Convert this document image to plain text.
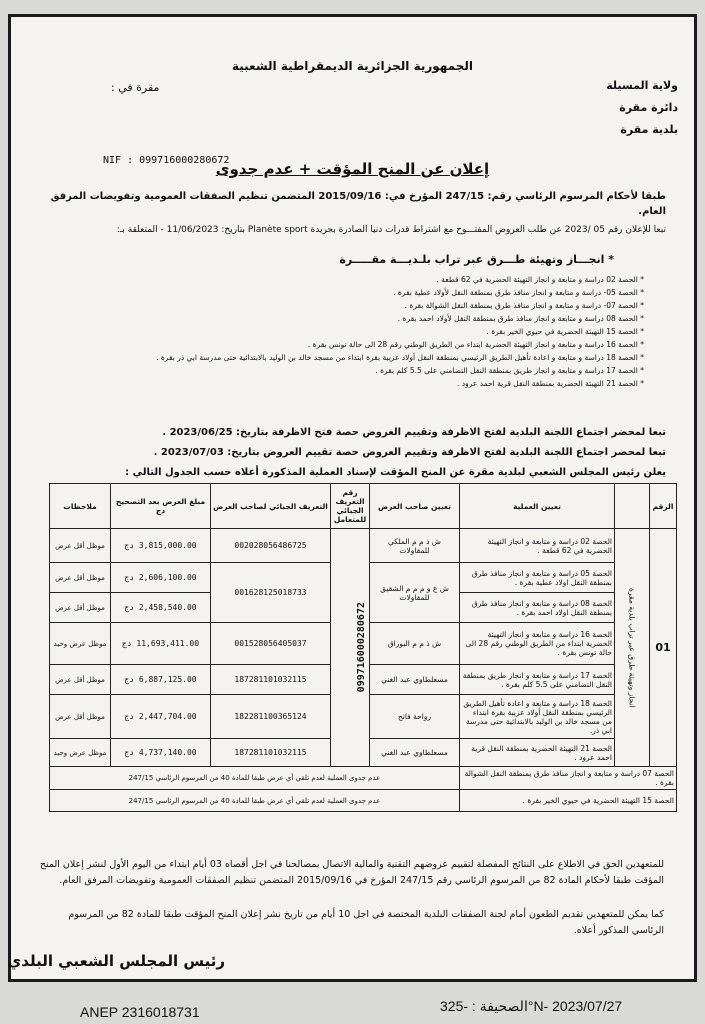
الجمهورية الجزائرية الديمقراطية الشعبية
مقرة في :	ولاية المسيلة
دائرة مقرة
بلدية مقرة
NIF : 099716000280672
إعلان عن المنح المؤقت + عدم جدوى
طبقا لأحكام المرسوم الرئاسي رقم: 247/15 المؤرخ في: 2015/09/16 المتضمن تنظيم الصفقات العمومية وتفويضات المرفق العام.
تبعا للإعلان رقم 05 /2023 عن طلب العروض المفتـــوح مع اشتراط قدرات دنيا الصادرة بجريدة Planète sport بتاريخ: 11/06/2023 - المتعلقة بـ:
* انجـــاز وتهيئة طـــرق عبر تراب بلـديـــة مقـــــرة
* الحصة 02 دراسة و متابعة و انجاز التهيئة الحضرية في 62 قطعة .
* الحصة 05- دراسة و متابعة و انجاز منافذ طرق بمنطقة النقل لأولاد عطية بقرة .
* الحصة 07- دراسة و متابعة و انجاز منافذ طرق بمنطقة النقل الشوالة بقرة .
* الحصة 08 دراسة و متابعة و انجاز منافذ طرق بمنطقة النقل لأولاد احمد بقرة .
* الحصة 15 التهيئة الحضرية في حيوي الخير بقرة .
* الحصة 16 دراسة و متابعة و انجاز التهيئة الحضرية ابتداء من الطريق الوطني رقم 28 الى حالة تونس بقرة .
* الحصة 18 دراسة و متابعة و اعادة تأهيل الطريق الرئيسي بمنطقة النقل أولاد عزيبة بقرة ابتداء من مسجد خالد بن الوليد بالابتدائية حتى مدرسة ابي ذر بقرة .
* الحصة 17 دراسة و متابعة و انجاز طريق بمنطقة النقل التضامني على 5.5 كلم بقرة .
* الحصة 21 التهيئة الحضرية بمنطقة النقل قرية احمد عرود .
تبعا لمحضر اجتماع اللجنة البلدية لفتح الاظرفة وتقييم العروض حصة فتح الاظرفة بتاريخ: 2023/06/25 .
تبعا لمحضر اجتماع اللجنة البلدية لفتح الاظرفة وتقييم العروض حصة تقييم العروض بتاريخ: 2023/07/03 .
يعلن رئيس المجلس الشعبي لبلدية مقرة عن المنح المؤقت لإسناد العملية المذكورة أعلاه حسب الجدول التالي :
الرقم		تعيين العملية	تعيين صاحب العرض	رقم التعريف الجبائي للمتعامل	التعريف الجبائي لصاحب العرض	مبلغ العرض بعد التصحيح دج	ملاحظات
01	انجاز وتهيئة طرق عبر تراب بلدية مقرة	الحصة 02 دراسة و متابعة و انجاز التهيئة الحضرية في 62 قطعة .	ش ذ م م الملكي للمقاولات	099716000280672	002028056486725	3,815,000.00 دج	موظل أقل عرض
		الحصة 05 دراسة و متابعة و انجاز منافذ طرق بمنطقة النقل اولاد عطية بقرة .	ش ع و م م م الشقيق للمقاولات		001628125018733	2,606,100.00 دج	موظل أقل عرض
		الحصة 08 دراسة و متابعة و انجاز منافذ طرق بمنطقة النقل اولاد احمد بقرة .				2,458,540.00 دج	موظل أقل عرض
		الحصة 16 دراسة و متابعة و انجاز التهيئة الحضرية ابتداء من الطريق الوطني رقم 28 الى حالة تونس بقرة .	ش ذ م م البوراق		001528056405037	11,693,411.00 دج	موظل عرض وحيد
		الحصة 17 دراسة و متابعة و انجاز طريق بمنطقة النقل التضامني على 5.5 كلم بقرة .	مسعلطاوي عبد الغني		187281101032115	6,887,125.00 دج	موظل أقل عرض
		الحصة 18 دراسة و متابعة و اعادة تأهيل الطريق الرئيسي بمنطقة النقل أولاد عزيبة بقرة ابتداء من مسجد خالد بن الوليد بالابتدائية حتى مدرسة ابي ذر.	رواحة فاتح		182281100365124	2,447,704.00 دج	موظل أقل عرض
		الحصة 21 التهيئة الحضرية بمنطقة النقل قرية احمد عرود .	مسعلطاوي عبد الغني		187281101032115	4,737,140.00 دج	موظل عرض وحيد
الحصة 07 دراسة و متابعة و انجاز منافذ طرق بمنطقة النقل الشوالة بقرة .			عدم جدوى العملية لعدم تلقي أي عرض طبقا للمادة 40 من المرسوم الرئاسي 247/15				
الحصة 15 التهيئة الحضرية في حيوي الخير بقرة .			عدم جدوى العملية لعدم تلقي أي عرض طبقا للمادة 40 من المرسوم الرئاسي 247/15				
للمتعهدين الحق في الاطلاع على النتائج المفصلة لتقييم عروضهم التقنية والمالية الاتصال بمصالحنا في اجل أقصاه 03 أيام ابتداء من اليوم الأول لنشر إعلان المنح المؤقت طبقا لأحكام المادة 82 من المرسوم الرئاسي رقم 247/15 المؤرخ في 2015/09/16 المتضمن تنظيم الصفقات العمومية وتفويضات المرفق العام.
كما يمكن للمتعهدين تقديم الطعون أمام لجنة الصفقات البلدية المختصة في اجل 10 أيام من تاريخ نشر إعلان المنح المؤقت طبقا للمادة 82 من المرسوم الرئاسي المذكور أعلاه.
رئيس المجلس الشعبي البلدي
ANEP 2316018731	الصحيفة : -325°N- 2023/07/27
